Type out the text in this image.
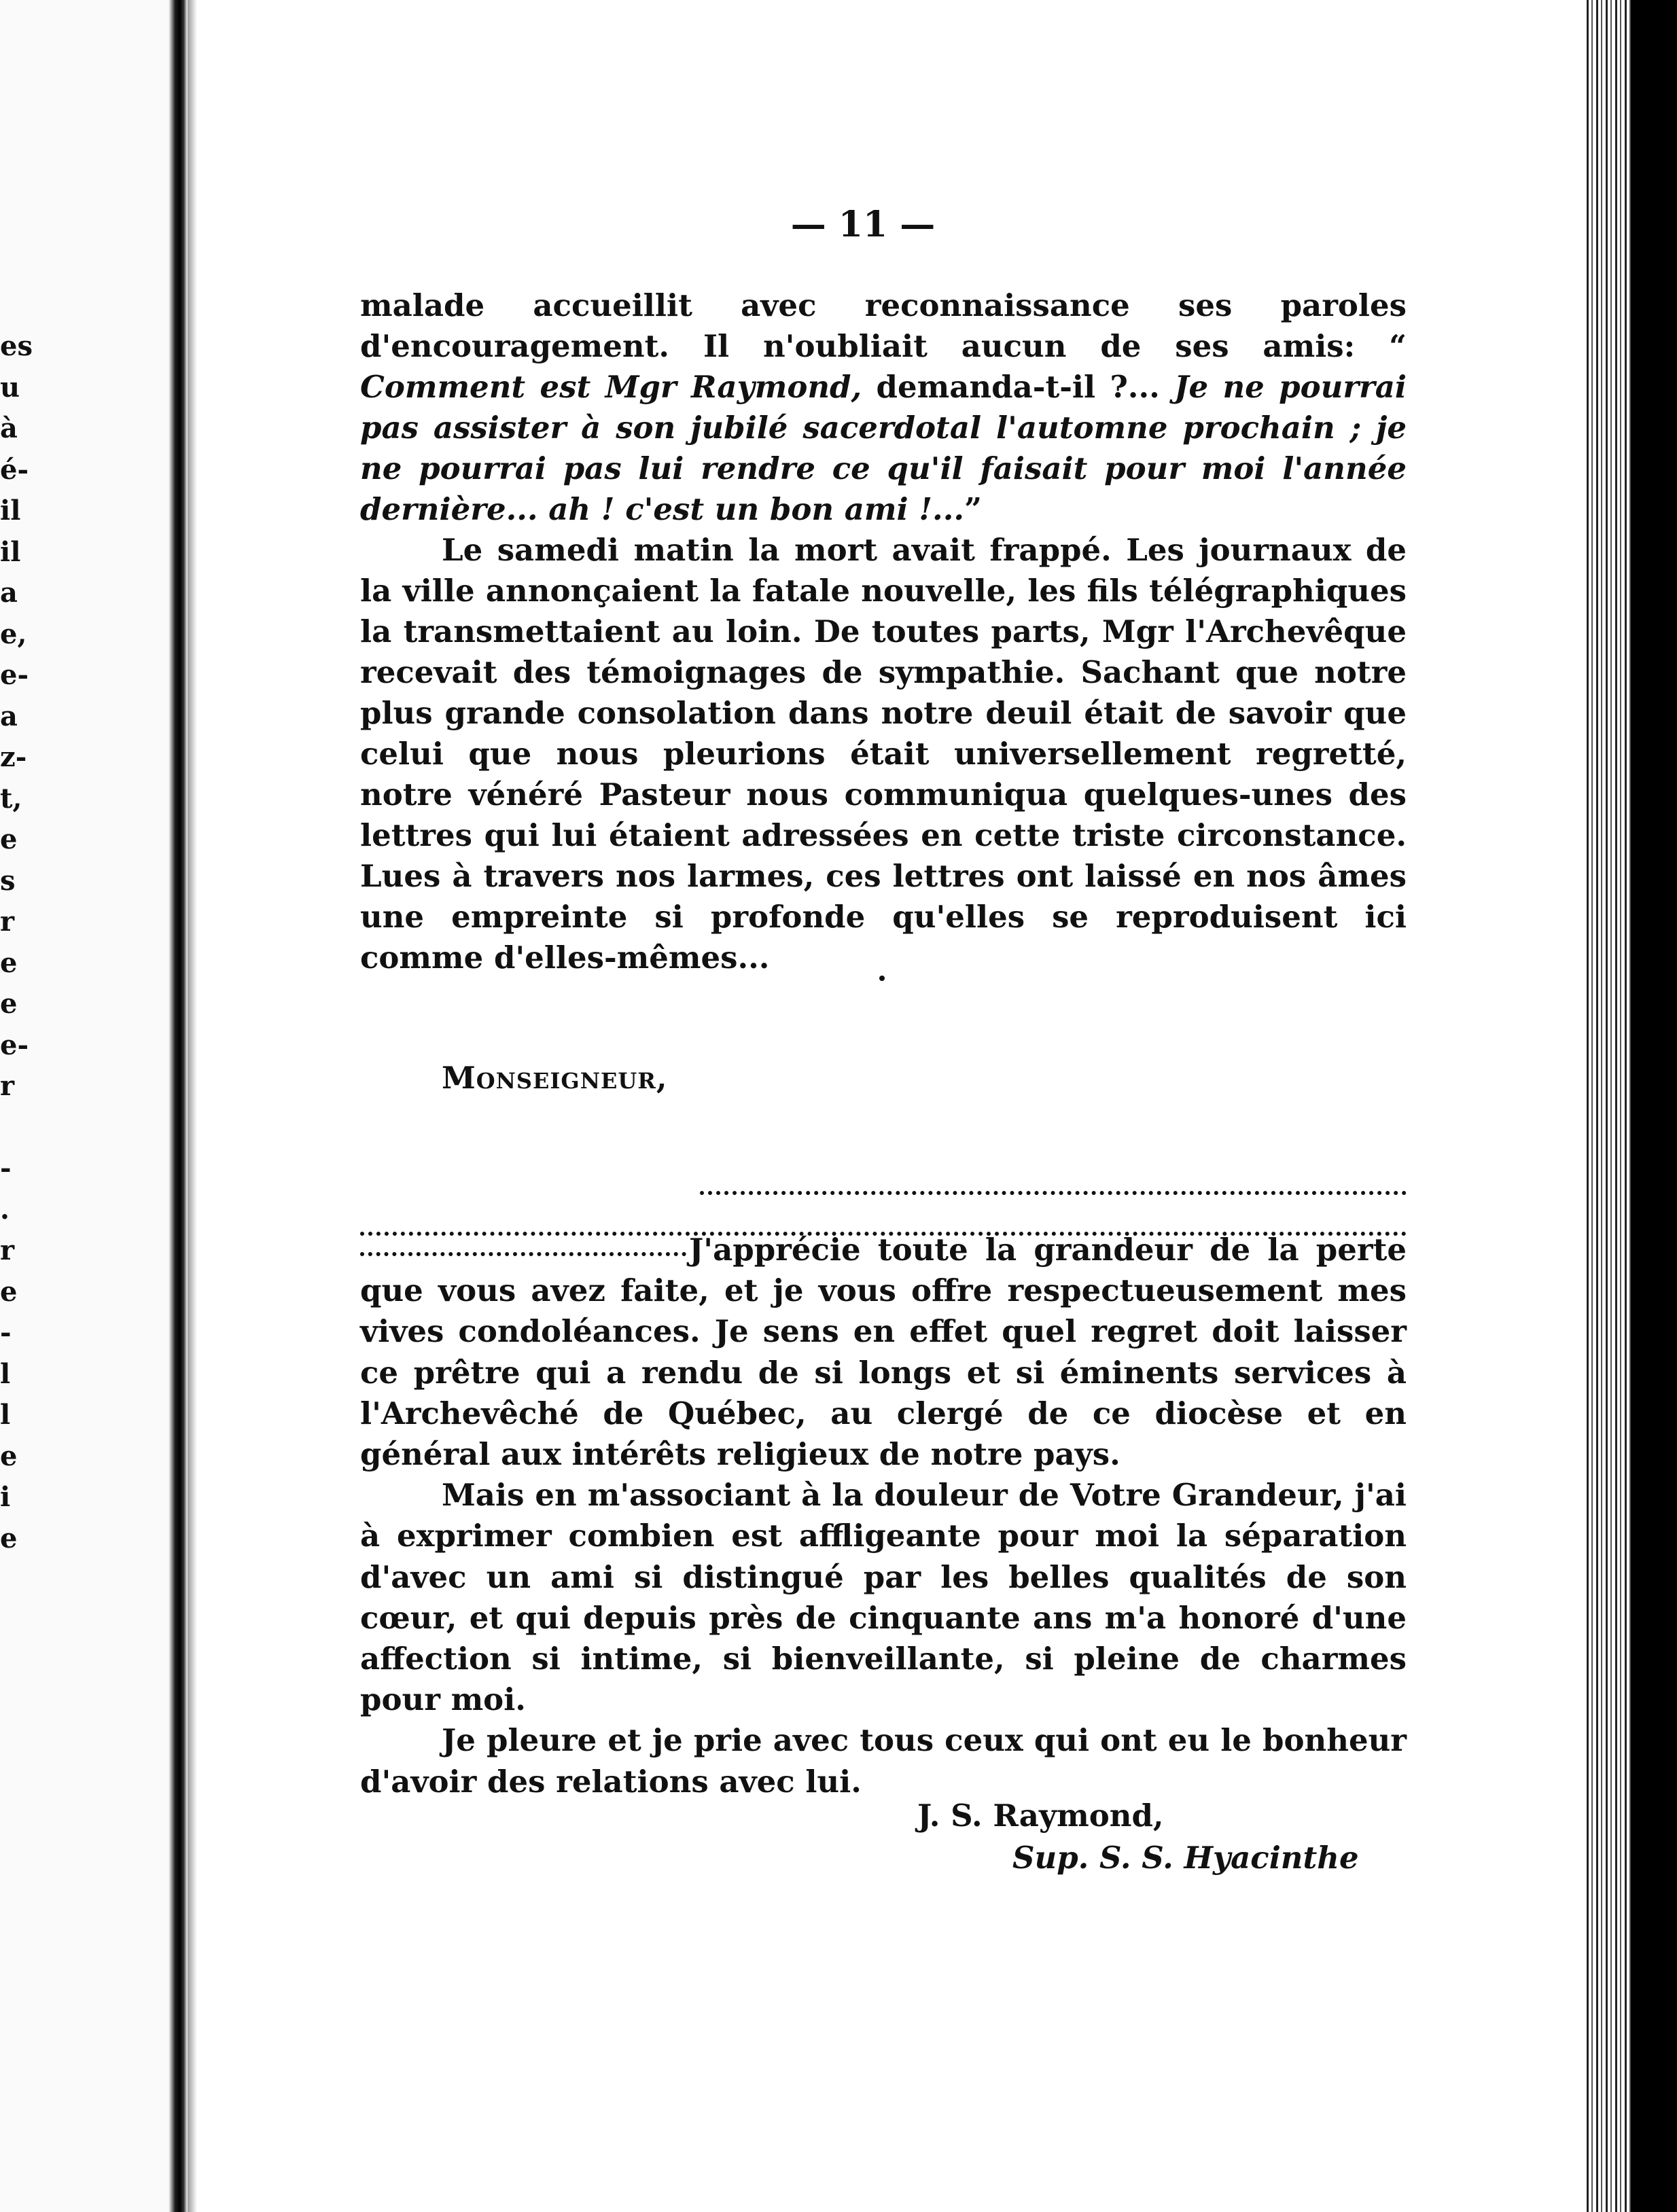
es
u
à
é-
il
il
a
e,
e-
a
z-
t,
e
s
r
e
e
e-
r
-
.
r
e
-
l
l
e
i
e
— 11 —

malade accueillit avec reconnaissance ses paroles d'encouragement. Il n'oubliait aucun de ses amis: “ Comment est Mgr Raymond, demanda-t-il ?... Je ne pourrai pas assister à son jubilé sacerdotal l'automne prochain ; je ne pourrai pas lui rendre ce qu'il faisait pour moi l'année dernière... ah ! c'est un bon ami !...”

Le samedi matin la mort avait frappé. Les journaux de la ville annonçaient la fatale nouvelle, les fils télégraphiques la transmettaient au loin. De toutes parts, Mgr l'Archevêque recevait des témoignages de sympathie. Sachant que notre plus grande consolation dans notre deuil était de savoir que celui que nous pleurions était universellement regretté, notre vénéré Pasteur nous communiqua quelques-unes des lettres qui lui étaient adressées en cette triste circonstance. Lues à travers nos larmes, ces lettres ont laissé en nos âmes une empreinte si profonde qu'elles se reproduisent ici comme d'elles-mêmes...

Monseigneur,

J'apprécie toute la grandeur de la perte que vous avez faite, et je vous offre respectueusement mes vives condoléances. Je sens en effet quel regret doit laisser ce prêtre qui a rendu de si longs et si éminents services à l'Archevêché de Québec, au clergé de ce diocèse et en général aux intérêts religieux de notre pays.

Mais en m'associant à la douleur de Votre Grandeur, j'ai à exprimer combien est affligeante pour moi la séparation d'avec un ami si distingué par les belles qualités de son cœur, et qui depuis près de cinquante ans m'a honoré d'une affection si intime, si bienveillante, si pleine de charmes pour moi.

Je pleure et je prie avec tous ceux qui ont eu le bonheur d'avoir des relations avec lui.

J. S. Raymond,
Sup. S. S. Hyacinthe
